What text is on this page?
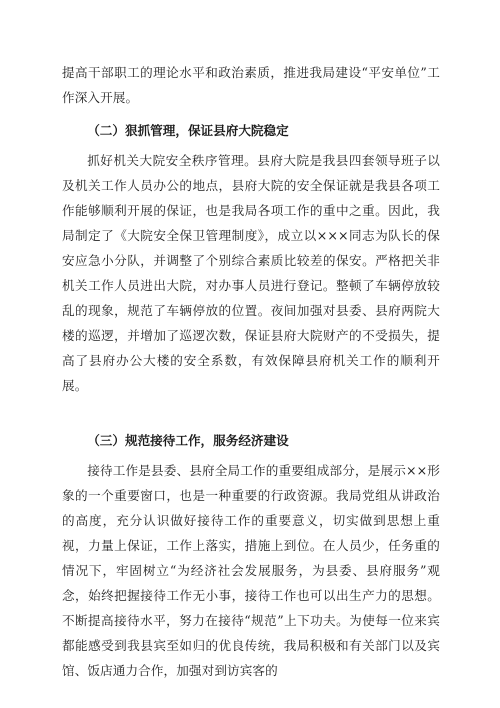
提高干部职工的理论水平和政治素质，推进我局建设“平安单位”工作深入开展。

（二）狠抓管理，保证县府大院稳定

抓好机关大院安全秩序管理。县府大院是我县四套领导班子以及机关工作人员办公的地点，县府大院的安全保证就是我县各项工作能够顺利开展的保证，也是我局各项工作的重中之重。因此，我局制定了《大院安全保卫管理制度》，成立以×××同志为队长的保安应急小分队，并调整了个别综合素质比较差的保安。严格把关非机关工作人员进出大院，对办事人员进行登记。整顿了车辆停放较乱的现象，规范了车辆停放的位置。夜间加强对县委、县府两院大楼的巡逻，并增加了巡逻次数，保证县府大院财产的不受损失，提高了县府办公大楼的安全系数，有效保障县府机关工作的顺利开展。

（三）规范接待工作，服务经济建设

接待工作是县委、县府全局工作的重要组成部分，是展示××形象的一个重要窗口，也是一种重要的行政资源。我局党组从讲政治的高度，充分认识做好接待工作的重要意义，切实做到思想上重视，力量上保证，工作上落实，措施上到位。在人员少，任务重的情况下，牢固树立“为经济社会发展服务，为县委、县府服务”观念，始终把握接待工作无小事，接待工作也可以出生产力的思想。不断提高接待水平，努力在接待“规范”上下功夫。为使每一位来宾都能感受到我县宾至如归的优良传统，我局积极和有关部门以及宾馆、饭店通力合作，加强对到访宾客的
